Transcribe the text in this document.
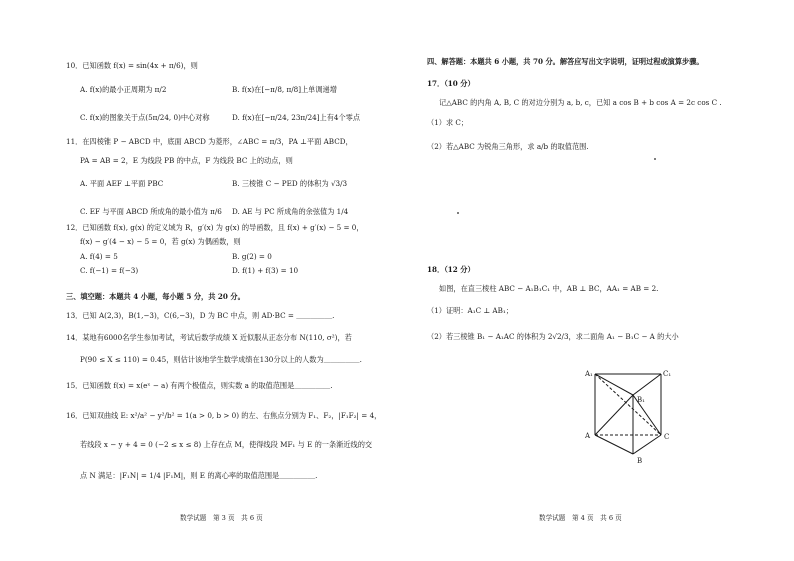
10．已知函数 f(x) = sin(4x + π/6)，则
A. f(x)的最小正周期为 π/2	B. f(x)在[−π/8, π/8]上单调递增
C. f(x)的图象关于点(5π/24, 0)中心对称	D. f(x)在[−π/24, 23π/24]上有4个零点
11．在四棱锥 P − ABCD 中，底面 ABCD 为菱形，∠ABC = π/3，PA ⊥平面 ABCD，
PA = AB = 2，E 为线段 PB 的中点，F 为线段 BC 上的动点，则
A. 平面 AEF ⊥平面 PBC	B. 三棱锥 C − PED 的体积为 √3/3
C. EF 与平面 ABCD 所成角的最小值为 π/6 D. AE 与 PC 所成角的余弦值为 1/4
12．已知函数 f(x), g(x) 的定义域为 R，g′(x) 为 g(x) 的导函数，且 f(x) + g′(x) − 5 = 0，
f(x) − g′(4 − x) − 5 = 0，若 g(x) 为偶函数，则
A. f(4) = 5	B. g(2) = 0
C. f(−1) = f(−3)	D. f(1) + f(3) = 10
三、填空题：本题共 4 小题，每小题 5 分，共 20 分。
13．已知 A(2,3)，B(1,−3)，C(6,−3)，D 为 BC 中点，则 AD·BC = ＿＿＿＿＿.
14．某地有6000名学生参加考试，考试后数学成绩 X 近似服从正态分布 N(110, σ²)，若
P(90 ≤ X ≤ 110) = 0.45，则估计该地学生数学成绩在130分以上的人数为＿＿＿＿＿.
15．已知函数 f(x) = x(eˣ − a) 有两个极值点，则实数 a 的取值范围是＿＿＿＿＿.
16．已知双曲线 E: x²/a² − y²/b² = 1(a > 0, b > 0) 的左、右焦点分别为 F₁、F₂，|F₁F₂| = 4，
若线段 x − y + 4 = 0 (−2 ≤ x ≤ 8) 上存在点 M，使得线段 MF₁ 与 E 的一条渐近线的交
点 N 满足：|F₁N| = 1/4 |F₁M|，则 E 的离心率的取值范围是＿＿＿＿＿.
数学试题　第 3 页　共 6 页
四、解答题：本题共 6 小题，共 70 分。解答应写出文字说明，证明过程或演算步骤。
17．（10 分）
记△ABC 的内角 A, B, C 的对边分别为 a, b, c，已知 a cos B + b cos A = 2c cos C .
（1）求 C；
（2）若△ABC 为锐角三角形，求 a/b 的取值范围.
18．（12 分）
如图，在直三棱柱 ABC − A₁B₁C₁ 中，AB ⊥ BC，AA₁ = AB = 2.
（1）证明：A₁C ⊥ AB₁；
（2）若三棱锥 B₁ − A₁AC 的体积为 2√2/3，求二面角 A₁ − B₁C − A 的大小
A₁	C₁
B₁
A	C
B
数学试题　第 4 页　共 6 页
